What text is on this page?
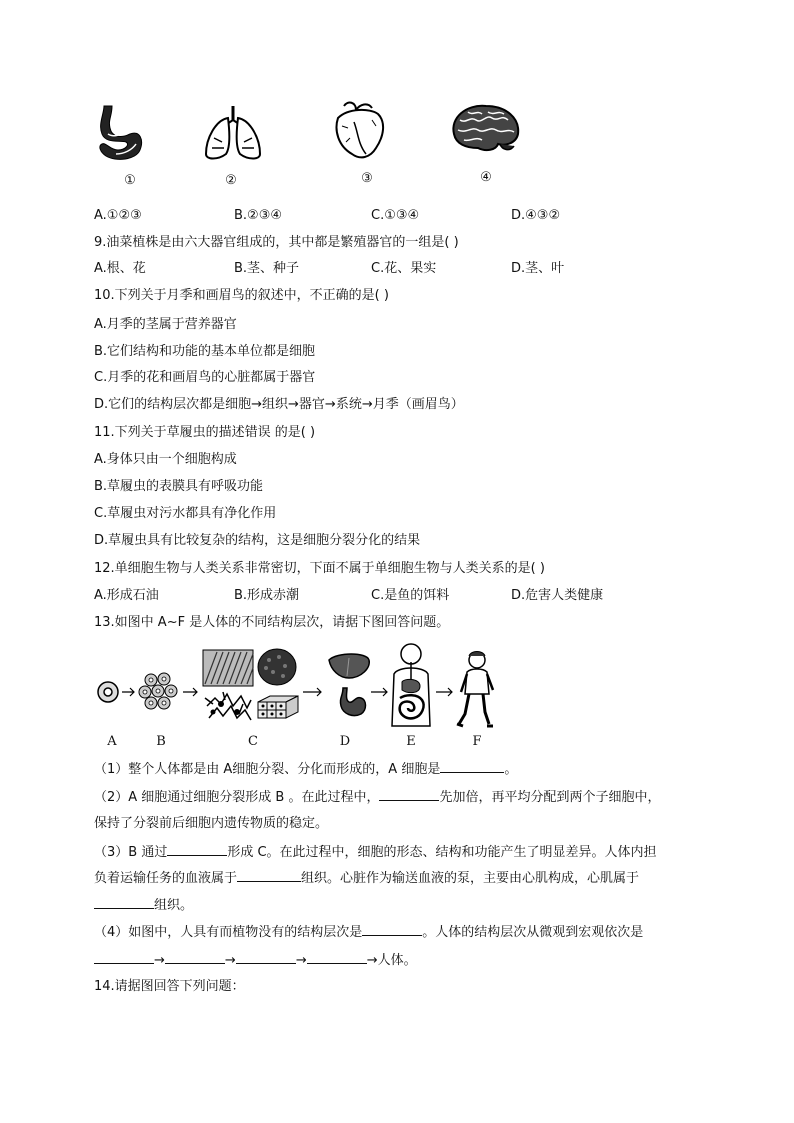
①	②	③	④
A.①②③	B.②③④	C.①③④	D.④③②
9.油菜植株是由六大器官组成的，其中都是繁殖器官的一组是( )
A.根、花	B.茎、种子	C.花、果实	D.茎、叶
10.下列关于月季和画眉鸟的叙述中，不正确的是( )
A.月季的茎属于营养器官
B.它们结构和功能的基本单位都是细胞
C.月季的花和画眉鸟的心脏都属于器官
D.它们的结构层次都是细胞→组织→器官→系统→月季（画眉鸟）
11.下列关于草履虫的描述错误 的是( )
A.身体只由一个细胞构成
B.草履虫的表膜具有呼吸功能
C.草履虫对污水都具有净化作用
D.草履虫具有比较复杂的结构，这是细胞分裂分化的结果
12.单细胞生物与人类关系非常密切，下面不属于单细胞生物与人类关系的是( )
A.形成石油	B.形成赤潮	C.是鱼的饵料	D.危害人类健康
13.如图中 A~F 是人体的不同结构层次，请据下图回答问题。
A	B	C	D	E	F
（1）整个人体都是由 A细胞分裂、分化而形成的，A 细胞是	。
（2）A 细胞通过细胞分裂形成 B 。在此过程中，	先加倍，再平均分配到两个子细胞中，
保持了分裂前后细胞内遗传物质的稳定。
（3）B 通过	形成 C。在此过程中，细胞的形态、结构和功能产生了明显差异。人体内担
负着运输任务的血液属于	组织。心脏作为输送血液的泵，主要由心肌构成，心肌属于
组织。
（4）如图中，人具有而植物没有的结构层次是	。人体的结构层次从微观到宏观依次是
→	→	→	→人体。
14.请据图回答下列问题：
